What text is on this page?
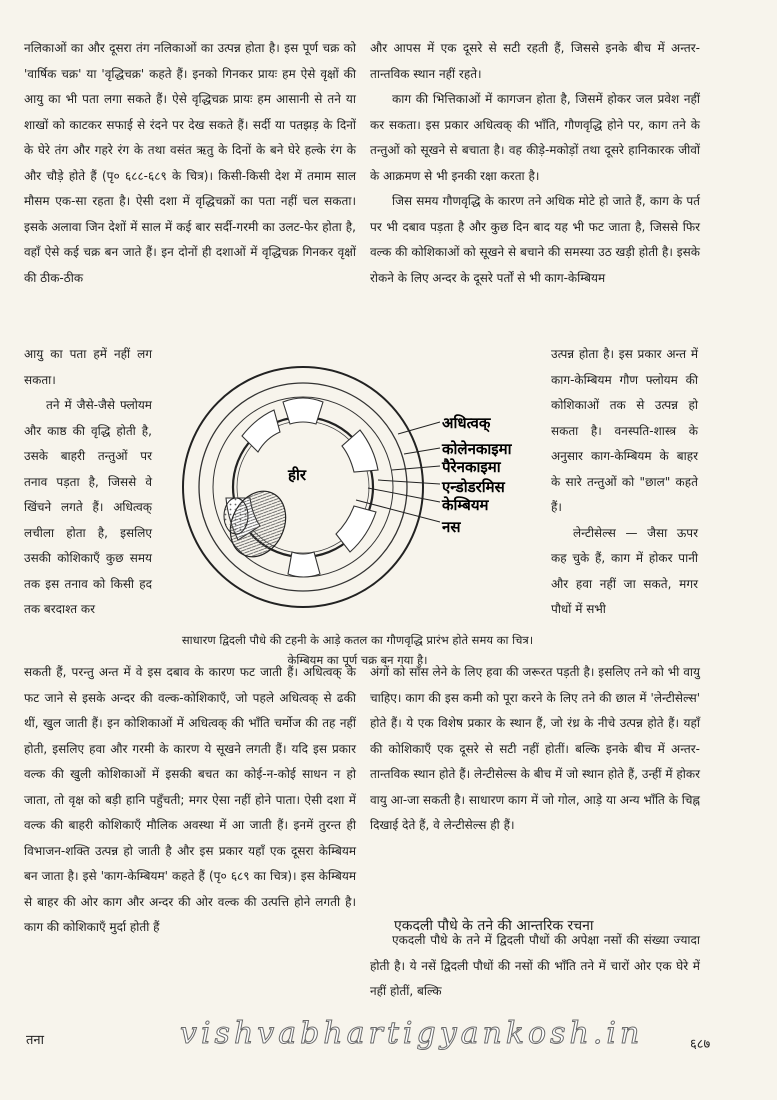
नलिकाओं का और दूसरा तंग नलिकाओं का उत्पन्न होता है। इस पूर्ण चक्र को 'वार्षिक चक्र' या 'वृद्धिचक्र' कहते हैं। इनको गिनकर प्रायः हम ऐसे वृक्षों की आयु का भी पता लगा सकते हैं। ऐसे वृद्धिचक्र प्रायः हम आसानी से तने या शाखों को काटकर सफाई से रंदने पर देख सकते हैं। सर्दी या पतझड़ के दिनों के घेरे तंग और गहरे रंग के तथा वसंत ऋतु के दिनों के बने घेरे हल्के रंग के और चौड़े होते हैं (पृ० ६८८-६८९ के चित्र)। किसी-किसी देश में तमाम साल मौसम एक-सा रहता है। ऐसी दशा में वृद्धिचक्रों का पता नहीं चल सकता। इसके अलावा जिन देशों में साल में कई बार सर्दी-गरमी का उलट-फेर होता है, वहाँ ऐसे कई चक्र बन जाते हैं। इन दोनों ही दशाओं में वृद्धिचक्र गिनकर वृक्षों की ठीक-ठीक

आयु का पता हमें नहीं लग सकता।

तने में जैसे-जैसे फ्लोयम और काष्ठ की वृद्धि होती है, उसके बाहरी तन्तुओं पर तनाव पड़ता है, जिससे वे खिंचने लगते हैं। अधित्वक् लचीला होता है, इसलिए उसकी कोशिकाएँ कुछ समय तक इस तनाव को किसी हद तक बरदाश्त कर

सकती हैं, परन्तु अन्त में वे इस दबाव के कारण फट जाती हैं। अधित्वक् के फट जाने से इसके अन्दर की वल्क-कोशिकाएँ, जो पहले अधित्वक् से ढकी थीं, खुल जाती हैं। इन कोशिकाओं में अधित्वक् की भाँति चर्मोज की तह नहीं होती, इसलिए हवा और गरमी के कारण ये सूखने लगती हैं। यदि इस प्रकार वल्क की खुली कोशिकाओं में इसकी बचत का कोई-न-कोई साधन न हो जाता, तो वृक्ष को बड़ी हानि पहुँचती; मगर ऐसा नहीं होने पाता। ऐसी दशा में वल्क की बाहरी कोशिकाएँ मौलिक अवस्था में आ जाती हैं। इनमें तुरन्त ही विभाजन-शक्ति उत्पन्न हो जाती है और इस प्रकार यहाँ एक दूसरा केम्बियम बन जाता है। इसे 'काग-केम्बियम' कहते हैं (पृ० ६८९ का चित्र)। इस केम्बियम से बाहर की ओर काग और अन्दर की ओर वल्क की उत्पत्ति होने लगती है। काग की कोशिकाएँ मुर्दा होती हैं

और आपस में एक दूसरे से सटी रहती हैं, जिससे इनके बीच में अन्तर-तान्तविक स्थान नहीं रहते।

काग की भित्तिकाओं में कागजन होता है, जिसमें होकर जल प्रवेश नहीं कर सकता। इस प्रकार अधित्वक् की भाँति, गौणवृद्धि होने पर, काग तने के तन्तुओं को सूखने से बचाता है। वह कीड़े-मकोड़ों तथा दूसरे हानिकारक जीवों के आक्रमण से भी इनकी रक्षा करता है।

जिस समय गौणवृद्धि के कारण तने अधिक मोटे हो जाते हैं, काग के पर्त पर भी दबाव पड़ता है और कुछ दिन बाद यह भी फट जाता है, जिससे फिर वल्क की कोशिकाओं को सूखने से बचाने की समस्या उठ खड़ी होती है। इसके रोकने के लिए अन्दर के दूसरे पर्तों से भी काग-केम्बियम

उत्पन्न होता है। इस प्रकार अन्त में काग-केम्बियम गौण फ्लोयम की कोशिकाओं तक से उत्पन्न हो सकता है। वनस्पति-शास्त्र के अनुसार काग-केम्बियम के बाहर के सारे तन्तुओं को "छाल" कहते हैं।

लेन्टीसेल्स — जैसा ऊपर कह चुके हैं, काग में होकर पानी और हवा नहीं जा सकते, मगर पौधों में सभी

अंगों को साँस लेने के लिए हवा की जरूरत पड़ती है। इसलिए तने को भी वायु चाहिए। काग की इस कमी को पूरा करने के लिए तने की छाल में 'लेन्टीसेल्स' होते हैं। ये एक विशेष प्रकार के स्थान हैं, जो रंध्र के नीचे उत्पन्न होते हैं। यहाँ की कोशिकाएँ एक दूसरे से सटी नहीं होतीं। बल्कि इनके बीच में अन्तर-तान्तविक स्थान होते हैं। लेन्टीसेल्स के बीच में जो स्थान होते हैं, उन्हीं में होकर वायु आ-जा सकती है। साधारण काग में जो गोल, आड़े या अन्य भाँति के चिह्न दिखाई देते हैं, वे लेन्टीसेल्स ही हैं।

एकदली पौधे के तने की आन्तरिक रचना

एकदली पौधे के तने में द्विदली पौधों की अपेक्षा नसों की संख्या ज्यादा होती है। ये नसें द्विदली पौधों की नसों की भाँति तने में चारों ओर एक घेरे में नहीं होतीं, बल्कि

हीर
अधित्वक्
कोलेनकाइमा
पैरेनकाइमा
एन्डोडरमिस
केम्बियम
नस
साधारण द्विदली पौधे की टहनी के आड़े कतल का गौणवृद्धि प्रारंभ होते समय का चित्र। केम्बियम का पूर्ण चक्र बन गया है।
तना	vishvabhartigyankosh.in	६८७
